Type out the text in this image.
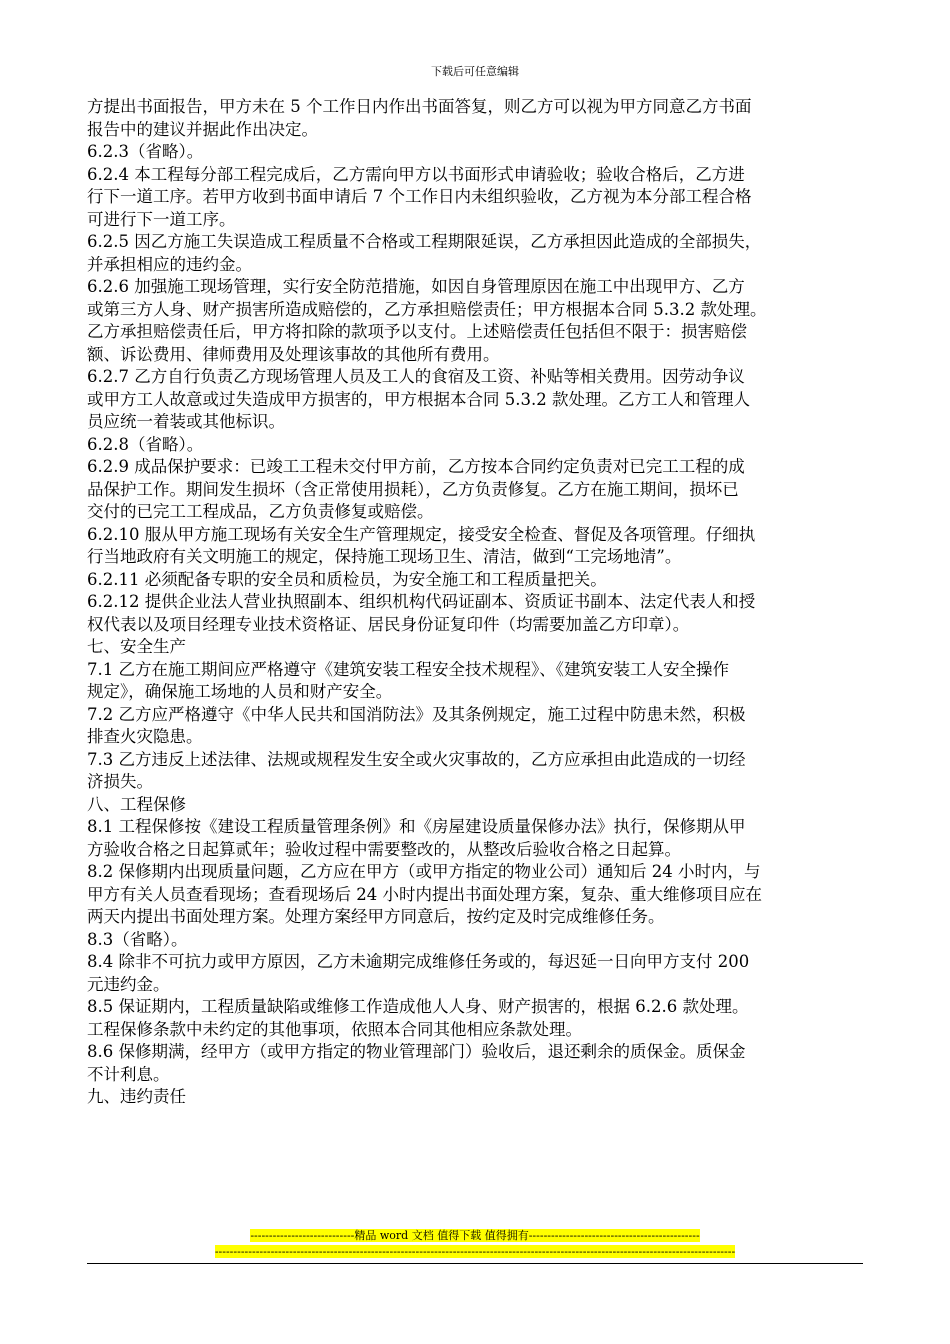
下载后可任意编辑
方提出书面报告，甲方未在 5 个工作日内作出书面答复，则乙方可以视为甲方同意乙方书面
报告中的建议并据此作出决定。
6.2.3（省略）。
6.2.4 本工程每分部工程完成后，乙方需向甲方以书面形式申请验收；验收合格后，乙方进
行下一道工序。若甲方收到书面申请后 7 个工作日内未组织验收，乙方视为本分部工程合格
可进行下一道工序。
6.2.5 因乙方施工失误造成工程质量不合格或工程期限延误，乙方承担因此造成的全部损失，
并承担相应的违约金。
6.2.6 加强施工现场管理，实行安全防范措施，如因自身管理原因在施工中出现甲方、乙方
或第三方人身、财产损害所造成赔偿的，乙方承担赔偿责任；甲方根据本合同 5.3.2 款处理。
乙方承担赔偿责任后，甲方将扣除的款项予以支付。上述赔偿责任包括但不限于：损害赔偿
额、诉讼费用、律师费用及处理该事故的其他所有费用。
6.2.7 乙方自行负责乙方现场管理人员及工人的食宿及工资、补贴等相关费用。因劳动争议
或甲方工人故意或过失造成甲方损害的，甲方根据本合同 5.3.2 款处理。乙方工人和管理人
员应统一着装或其他标识。
6.2.8（省略）。
6.2.9 成品保护要求：已竣工工程未交付甲方前，乙方按本合同约定负责对已完工工程的成
品保护工作。期间发生损坏（含正常使用损耗），乙方负责修复。乙方在施工期间，损坏已
交付的已完工工程成品，乙方负责修复或赔偿。
6.2.10 服从甲方施工现场有关安全生产管理规定，接受安全检查、督促及各项管理。仔细执
行当地政府有关文明施工的规定，保持施工现场卫生、清洁，做到“工完场地清”。
6.2.11 必须配备专职的安全员和质检员，为安全施工和工程质量把关。
6.2.12 提供企业法人营业执照副本、组织机构代码证副本、资质证书副本、法定代表人和授
权代表以及项目经理专业技术资格证、居民身份证复印件（均需要加盖乙方印章）。
七、安全生产
7.1 乙方在施工期间应严格遵守《建筑安装工程安全技术规程》、《建筑安装工人安全操作
规定》，确保施工场地的人员和财产安全。
7.2 乙方应严格遵守《中华人民共和国消防法》及其条例规定，施工过程中防患未然，积极
排查火灾隐患。
7.3 乙方违反上述法律、法规或规程发生安全或火灾事故的，乙方应承担由此造成的一切经
济损失。
八、工程保修
8.1 工程保修按《建设工程质量管理条例》和《房屋建设质量保修办法》执行，保修期从甲
方验收合格之日起算贰年；验收过程中需要整改的，从整改后验收合格之日起算。
8.2 保修期内出现质量问题，乙方应在甲方（或甲方指定的物业公司）通知后 24 小时内，与
甲方有关人员查看现场；查看现场后 24 小时内提出书面处理方案，复杂、重大维修项目应在
两天内提出书面处理方案。处理方案经甲方同意后，按约定及时完成维修任务。
8.3（省略）。
8.4 除非不可抗力或甲方原因，乙方未逾期完成维修任务或的，每迟延一日向甲方支付 200
元违约金。
8.5 保证期内，工程质量缺陷或维修工作造成他人人身、财产损害的，根据 6.2.6 款处理。
工程保修条款中未约定的其他事项，依照本合同其他相应条款处理。
8.6 保修期满，经甲方（或甲方指定的物业管理部门）验收后，退还剩余的质保金。质保金
不计利息。
九、违约责任
----------------------------精品 word 文档 值得下载 值得拥有----------------------------------------------
--------------------------------------------------------------------------------------------------------------------------------------------
